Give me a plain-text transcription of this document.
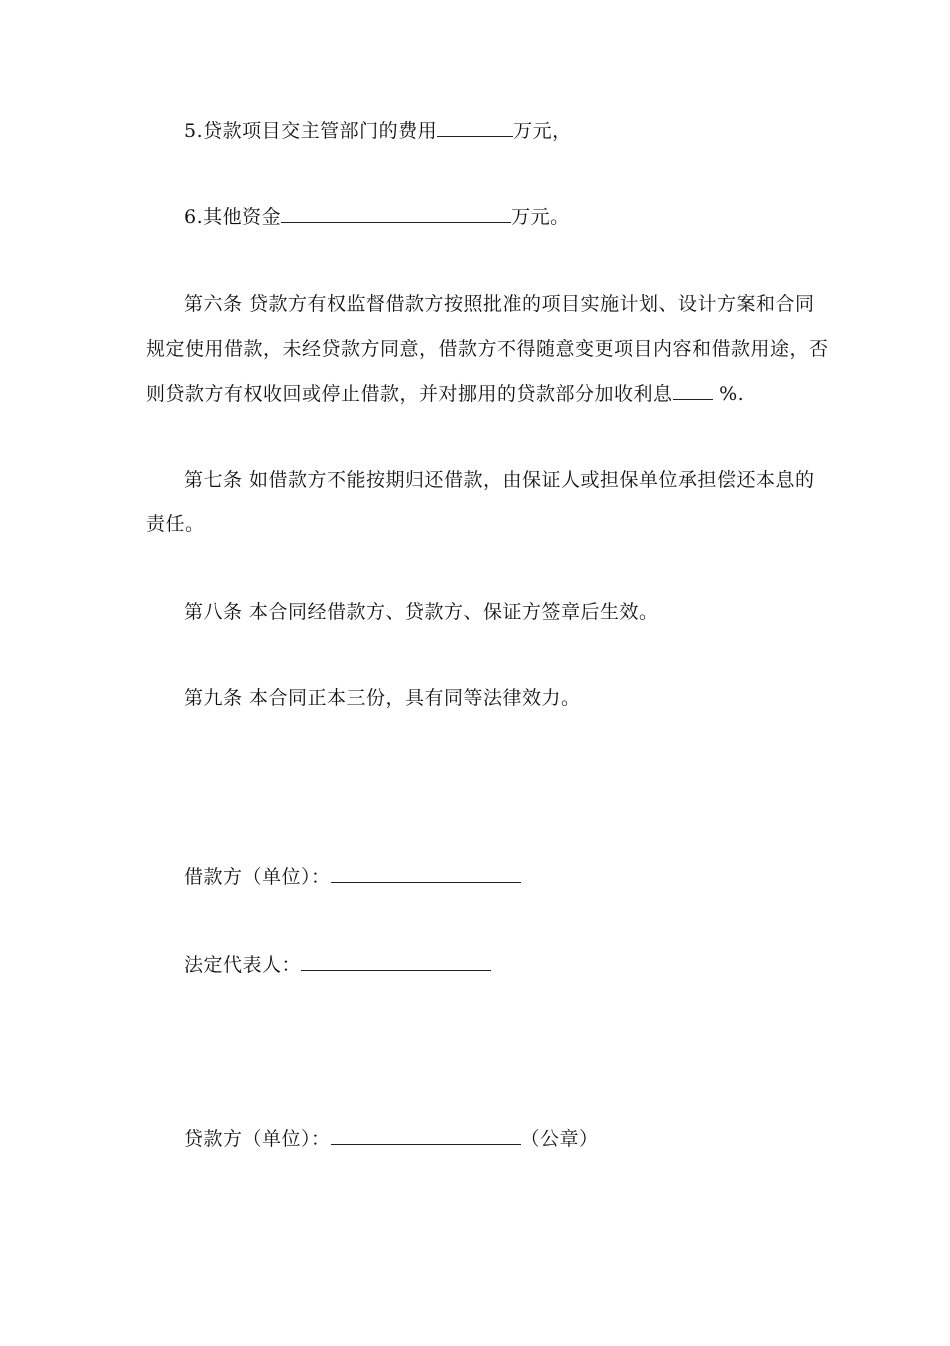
5.贷款项目交主管部门的费用	万元，
6.其他资金	万元。
第六条 贷款方有权监督借款方按照批准的项目实施计划、设计方案和合同
规定使用借款，未经贷款方同意，借款方不得随意变更项目内容和借款用途，否
则贷款方有权收回或停止借款，并对挪用的贷款部分加收利息 %.
第七条 如借款方不能按期归还借款，由保证人或担保单位承担偿还本息的
责任。
第八条 本合同经借款方、贷款方、保证方签章后生效。
第九条 本合同正本三份，具有同等法律效力。
借款方（单位）：
法定代表人：
贷款方（单位）：	（公章）
